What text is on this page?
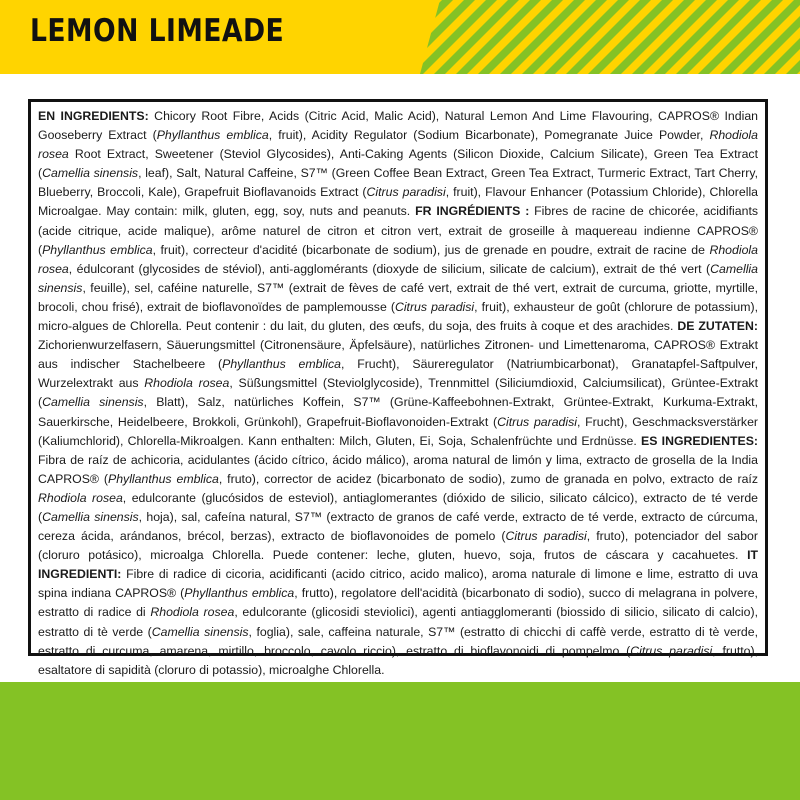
LEMON LIMEADE

EN INGREDIENTS: Chicory Root Fibre, Acids (Citric Acid, Malic Acid), Natural Lemon And Lime Flavouring, CAPROS® Indian Gooseberry Extract (Phyllanthus emblica, fruit), Acidity Regulator (Sodium Bicarbonate), Pomegranate Juice Powder, Rhodiola rosea Root Extract, Sweetener (Steviol Glycosides), Anti-Caking Agents (Silicon Dioxide, Calcium Silicate), Green Tea Extract (Camellia sinensis, leaf), Salt, Natural Caffeine, S7™ (Green Coffee Bean Extract, Green Tea Extract, Turmeric Extract, Tart Cherry, Blueberry, Broccoli, Kale), Grapefruit Bioflavanoids Extract (Citrus paradisi, fruit), Flavour Enhancer (Potassium Chloride), Chlorella Microalgae. May contain: milk, gluten, egg, soy, nuts and peanuts. FR INGRÉDIENTS : Fibres de racine de chicorée, acidifiants (acide citrique, acide malique), arôme naturel de citron et citron vert, extrait de groseille à maquereau indienne CAPROS® (Phyllanthus emblica, fruit), correcteur d'acidité (bicarbonate de sodium), jus de grenade en poudre, extrait de racine de Rhodiola rosea, édulcorant (glycosides de stéviol), anti-agglomérants (dioxyde de silicium, silicate de calcium), extrait de thé vert (Camellia sinensis, feuille), sel, caféine naturelle, S7™ (extrait de fèves de café vert, extrait de thé vert, extrait de curcuma, griotte, myrtille, brocoli, chou frisé), extrait de bioflavonoïdes de pamplemousse (Citrus paradisi, fruit), exhausteur de goût (chlorure de potassium), micro-algues de Chlorella. Peut contenir : du lait, du gluten, des œufs, du soja, des fruits à coque et des arachides. DE ZUTATEN: Zichorienwurzelfasern, Säuerungsmittel (Citronensäure, Äpfelsäure), natürliches Zitronen- und Limettenaroma, CAPROS® Extrakt aus indischer Stachelbeere (Phyllanthus emblica, Frucht), Säureregulator (Natriumbicarbonat), Granatapfel-Saftpulver, Wurzelextrakt aus Rhodiola rosea, Süßungsmittel (Steviolglycoside), Trennmittel (Siliciumdioxid, Calciumsilicat), Grüntee-Extrakt (Camellia sinensis, Blatt), Salz, natürliches Koffein, S7™ (Grüne-Kaffeebohnen-Extrakt, Grüntee-Extrakt, Kurkuma-Extrakt, Sauerkirsche, Heidelbeere, Brokkoli, Grünkohl), Grapefruit-Bioflavonoiden-Extrakt (Citrus paradisi, Frucht), Geschmacksverstärker (Kaliumchlorid), Chlorella-Mikroalgen. Kann enthalten: Milch, Gluten, Ei, Soja, Schalenfrüchte und Erdnüsse. ES INGREDIENTES: Fibra de raíz de achicoria, acidulantes (ácido cítrico, ácido málico), aroma natural de limón y lima, extracto de grosella de la India CAPROS® (Phyllanthus emblica, fruto), corrector de acidez (bicarbonato de sodio), zumo de granada en polvo, extracto de raíz Rhodiola rosea, edulcorante (glucósidos de esteviol), antiaglomerantes (dióxido de silicio, silicato cálcico), extracto de té verde (Camellia sinensis, hoja), sal, cafeína natural, S7™ (extracto de granos de café verde, extracto de té verde, extracto de cúrcuma, cereza ácida, arándanos, brécol, berzas), extracto de bioflavonoides de pomelo (Citrus paradisi, fruto), potenciador del sabor (cloruro potásico), microalga Chlorella. Puede contener: leche, gluten, huevo, soja, frutos de cáscara y cacahuetes. IT INGREDIENTI: Fibre di radice di cicoria, acidificanti (acido citrico, acido malico), aroma naturale di limone e lime, estratto di uva spina indiana CAPROS® (Phyllanthus emblica, frutto), regolatore dell'acidità (bicarbonato di sodio), succo di melagrana in polvere, estratto di radice di Rhodiola rosea, edulcorante (glicosidi steviolici), agenti antiagglomeranti (biossido di silicio, silicato di calcio), estratto di tè verde (Camellia sinensis, foglia), sale, caffeina naturale, S7™ (estratto di chicchi di caffè verde, estratto di tè verde, estratto di curcuma, amarena, mirtillo, broccolo, cavolo riccio), estratto di bioflavonoidi di pompelmo (Citrus paradisi, frutto), esaltatore di sapidità (cloruro di potassio), microalghe Chlorella.
